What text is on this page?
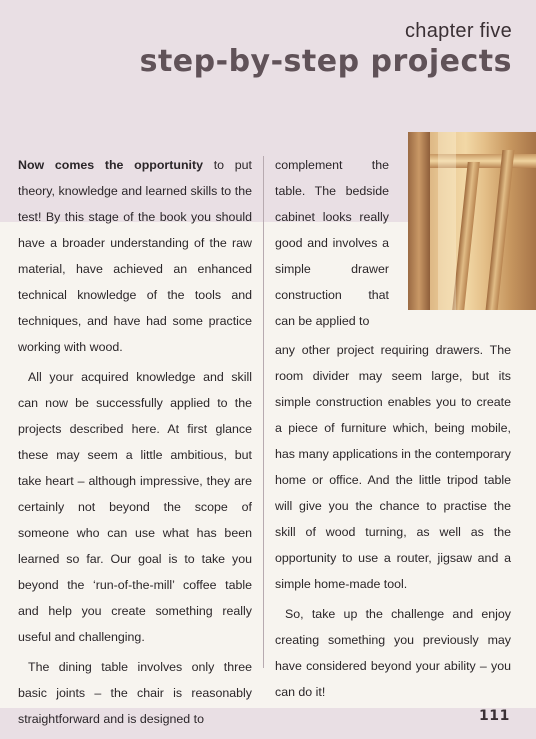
chapter five
step-by-step projects

Now comes the opportunity to put theory, knowledge and learned skills to the test! By this stage of the book you should have a broader understanding of the raw material, have achieved an enhanced technical knowledge of the tools and techniques, and have had some practice working with wood.

All your acquired knowledge and skill can now be successfully applied to the projects described here. At first glance these may seem a little ambitious, but take heart – although impressive, they are certainly not beyond the scope of someone who can use what has been learned so far. Our goal is to take you beyond the ‘run-of-the-mill’ coffee table and help you create something really useful and challenging.

The dining table involves only three basic joints – the chair is reasonably straightforward and is designed to

complement the table. The bedside cabinet looks really good and involves a simple drawer construction that can be applied to

any other project requiring drawers. The room divider may seem large, but its simple construction enables you to create a piece of furniture which, being mobile, has many applications in the contemporary home or office. And the little tripod table will give you the chance to practise the skill of wood turning, as well as the opportunity to use a router, jigsaw and a simple home-made tool.

So, take up the challenge and enjoy creating something you previously may have considered beyond your ability – you can do it!

111
